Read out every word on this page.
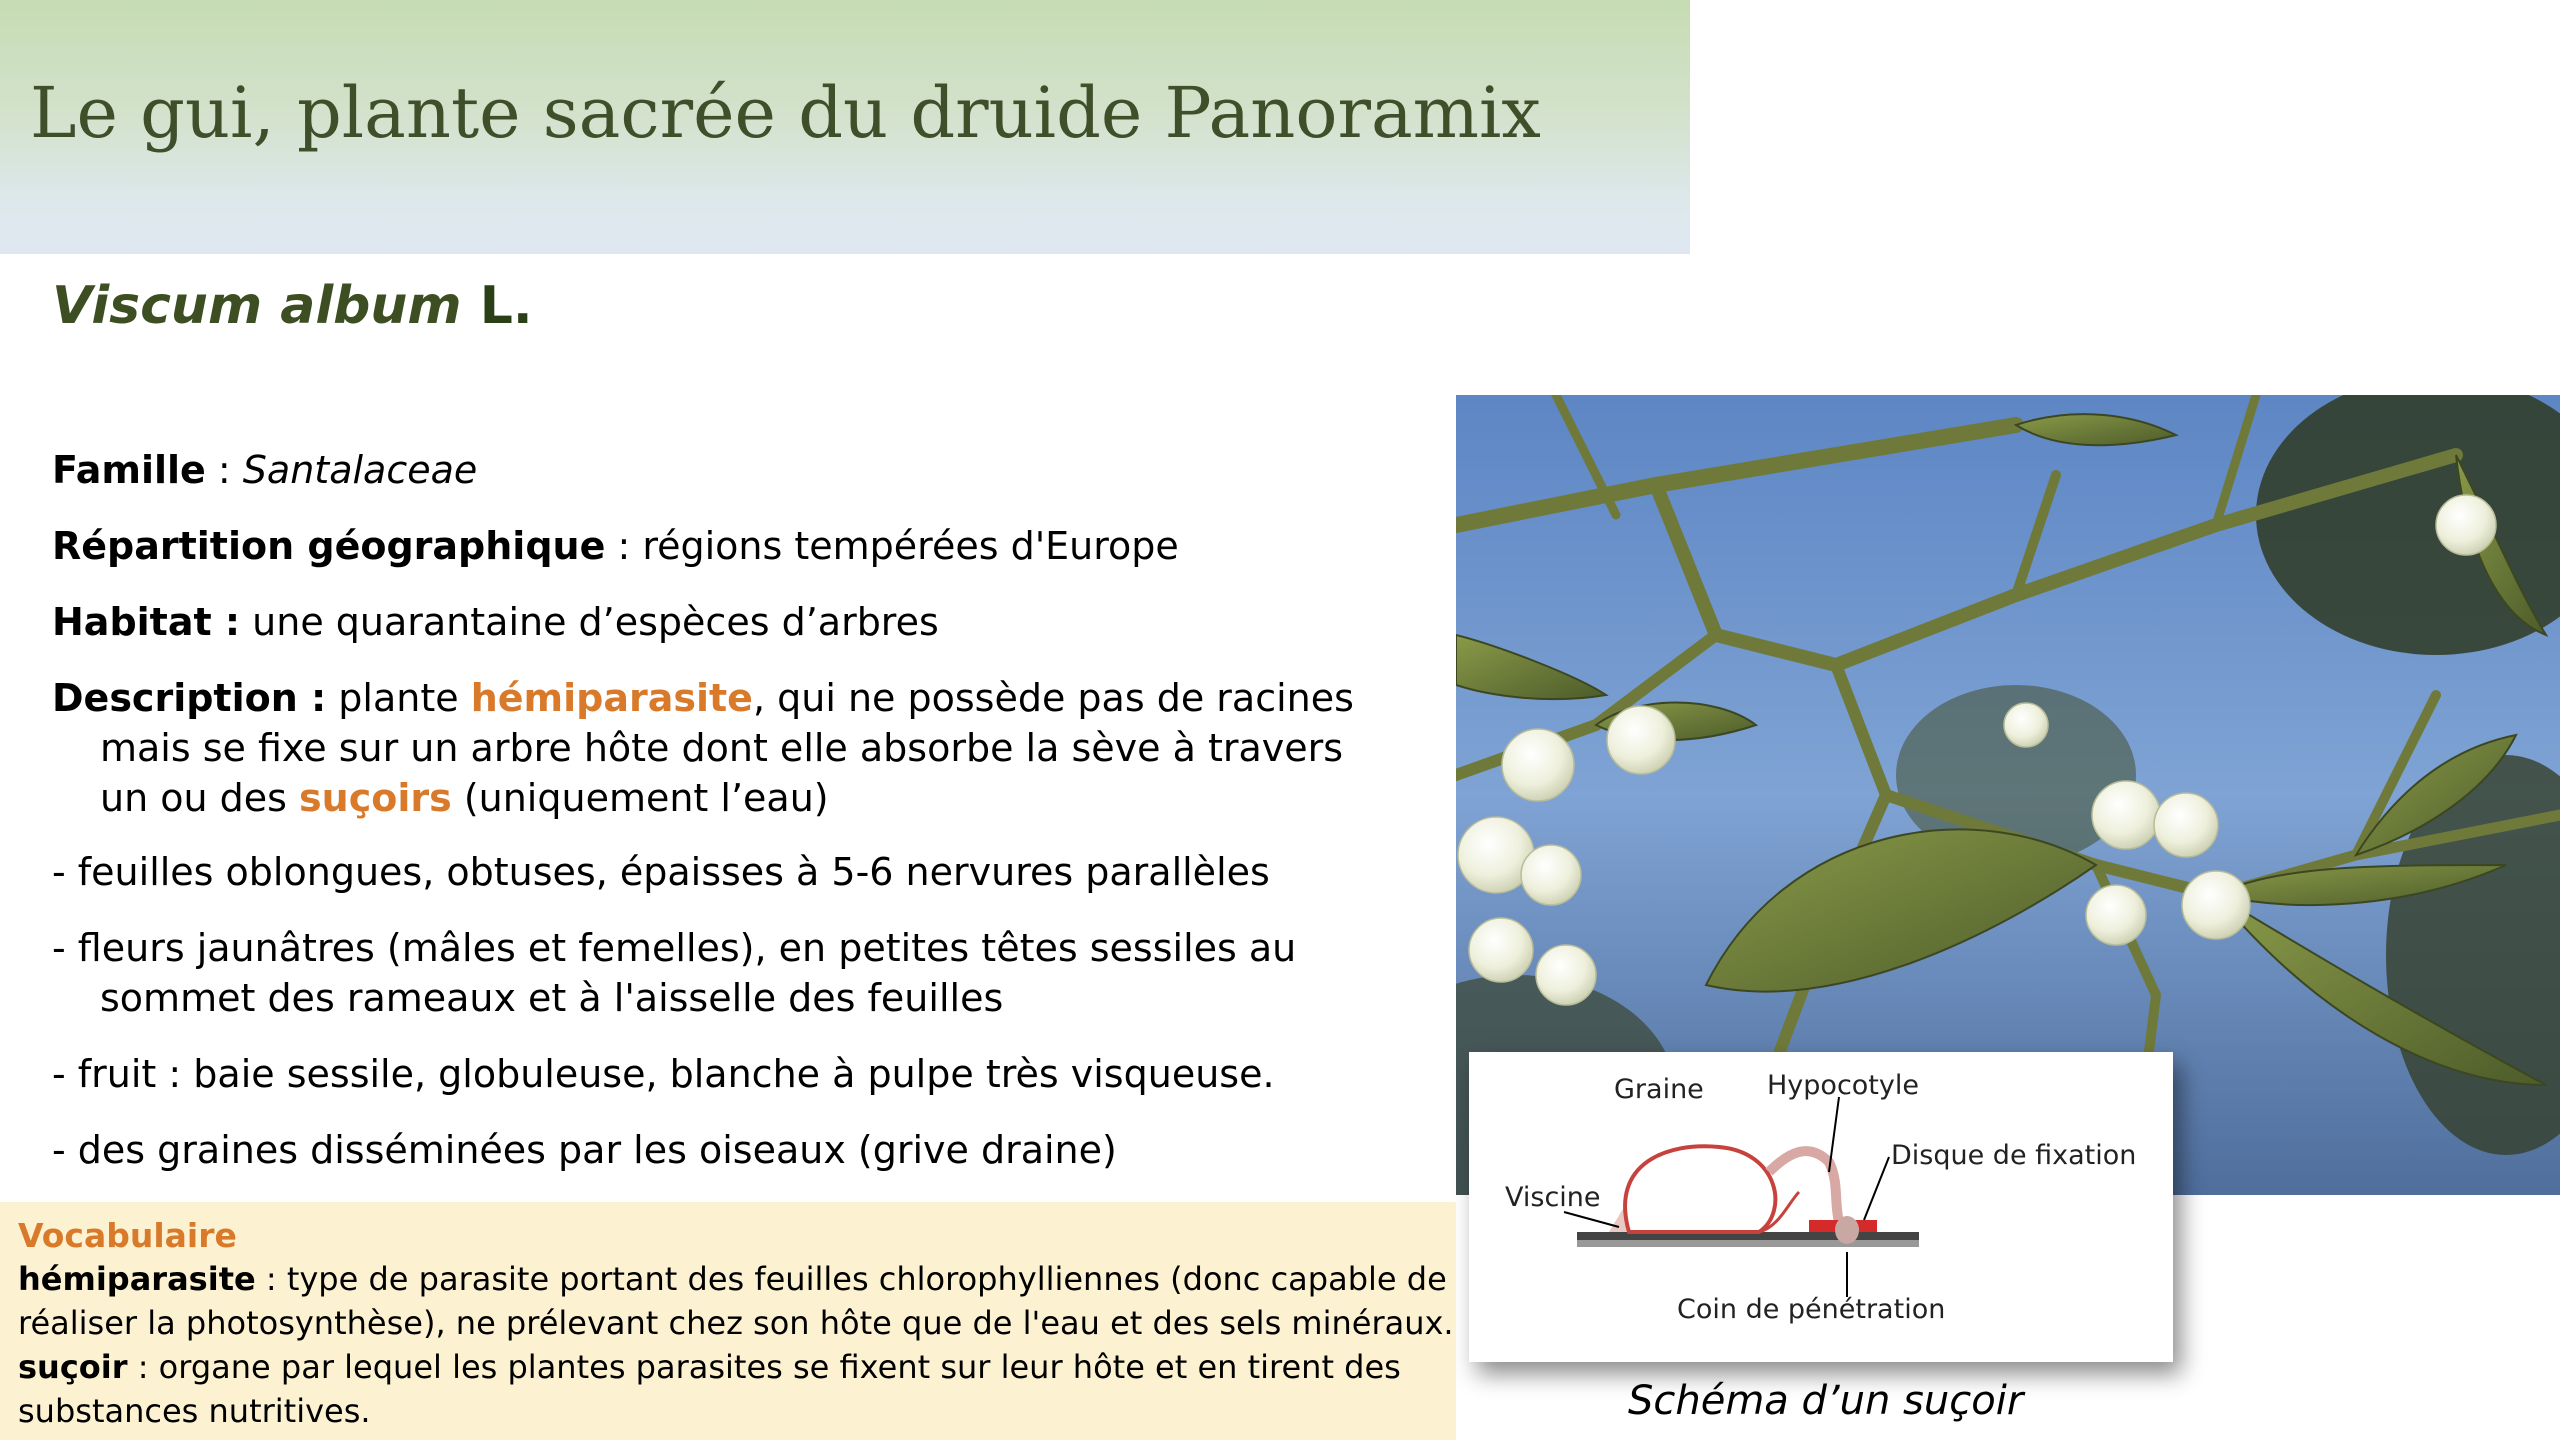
Le gui, plante sacrée du druide Panoramix
Viscum album L.
Famille : Santalaceae
Répartition géographique : régions tempérées d'Europe
Habitat : une quarantaine d’espèces d’arbres
Description : plante hémiparasite, qui ne possède pas de racines
mais se fixe sur un arbre hôte dont elle absorbe la sève à travers
un ou des suçoirs (uniquement l’eau)
- feuilles oblongues, obtuses, épaisses à 5-6 nervures parallèles
- fleurs jaunâtres (mâles et femelles), en petites têtes sessiles au
sommet des rameaux et à l'aisselle des feuilles
- fruit : baie sessile, globuleuse, blanche à pulpe très visqueuse.
- des graines disséminées par les oiseaux (grive draine)
Graine Hypocotyle
Disque de fixation
Viscine
Coin de pénétration
Schéma d’un suçoir
Vocabulaire
hémiparasite : type de parasite portant des feuilles chlorophylliennes (donc capable de
réaliser la photosynthèse), ne prélevant chez son hôte que de l'eau et des sels minéraux.
suçoir : organe par lequel les plantes parasites se fixent sur leur hôte et en tirent des
substances nutritives.
